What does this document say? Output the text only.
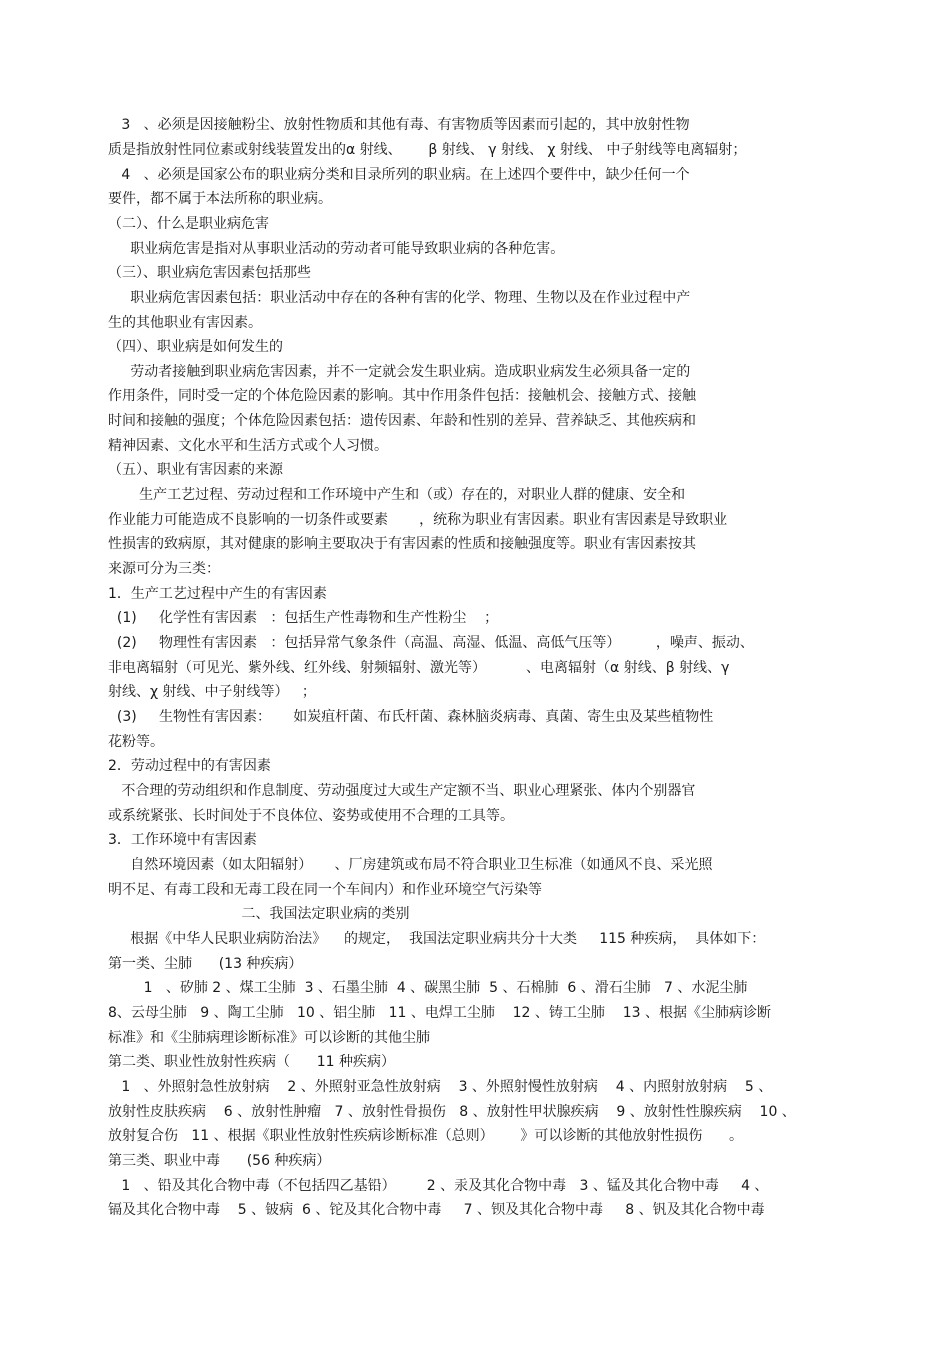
3   、必须是因接触粉尘、放射性物质和其他有毒、有害物质等因素而引起的，其中放射性物
质是指放射性同位素或射线装置发出的α 射线、      β 射线、 γ 射线、 χ 射线、 中子射线等电离辐射；
4   、必须是国家公布的职业病分类和目录所列的职业病。在上述四个要件中，缺少任何一个
要件，都不属于本法所称的职业病。
（二）、什么是职业病危害
职业病危害是指对从事职业活动的劳动者可能导致职业病的各种危害。
（三）、职业病危害因素包括那些
职业病危害因素包括：职业活动中存在的各种有害的化学、物理、生物以及在作业过程中产
生的其他职业有害因素。
（四）、职业病是如何发生的
劳动者接触到职业病危害因素，并不一定就会发生职业病。造成职业病发生必须具备一定的
作用条件，同时受一定的个体危险因素的影响。其中作用条件包括：接触机会、接触方式、接触
时间和接触的强度；个体危险因素包括：遗传因素、年龄和性别的差异、营养缺乏、其他疾病和
精神因素、文化水平和生活方式或个人习惯。
（五）、职业有害因素的来源
生产工艺过程、劳动过程和工作环境中产生和（或）存在的，对职业人群的健康、安全和
作业能力可能造成不良影响的一切条件或要素       ，统称为职业有害因素。职业有害因素是导致职业
性损害的致病原，其对健康的影响主要取决于有害因素的性质和接触强度等。职业有害因素按其
来源可分为三类：
1．生产工艺过程中产生的有害因素
(1)     化学性有害因素   ：包括生产性毒物和生产性粉尘    ；
(2)     物理性有害因素   ：包括异常气象条件（高温、高湿、低温、高低气压等）        ，噪声、振动、
非电离辐射（可见光、紫外线、红外线、射频辐射、激光等）         、电离辐射（α 射线、β 射线、γ
射线、χ 射线、中子射线等）   ；
(3)     生物性有害因素：     如炭疽杆菌、布氏杆菌、森林脑炎病毒、真菌、寄生虫及某些植物性
花粉等。
2．劳动过程中的有害因素
不合理的劳动组织和作息制度、劳动强度过大或生产定额不当、职业心理紧张、体内个别器官
或系统紧张、长时间处于不良体位、姿势或使用不合理的工具等。
3．工作环境中有害因素
自然环境因素（如太阳辐射）     、厂房建筑或布局不符合职业卫生标准（如通风不良、采光照
明不足、有毒工段和无毒工段在同一个车间内）和作业环境空气污染等
二、我国法定职业病的类别
根据《中华人民职业病防治法》    的规定，  我国法定职业病共分十大类     115 种疾病，  具体如下：
第一类、尘肺      (13 种疾病）
1   、矽肺 2 、煤工尘肺  3 、石墨尘肺  4 、碳黑尘肺  5 、石棉肺  6 、滑石尘肺   7 、水泥尘肺
8、云母尘肺   9 、陶工尘肺   10 、铝尘肺   11 、电焊工尘肺    12 、铸工尘肺    13 、根据《尘肺病诊断
标准》和《尘肺病理诊断标准》可以诊断的其他尘肺
第二类、职业性放射性疾病（      11 种疾病）
1   、外照射急性放射病    2 、外照射亚急性放射病    3 、外照射慢性放射病    4 、内照射放射病    5 、
放射性皮肤疾病    6 、放射性肿瘤   7 、放射性骨损伤   8 、放射性甲状腺疾病    9 、放射性性腺疾病    10 、
放射复合伤   11 、根据《职业性放射性疾病诊断标准（总则）      》可以诊断的其他放射性损伤      。
第三类、职业中毒      (56 种疾病）
1   、铅及其化合物中毒（不包括四乙基铅）       2 、汞及其化合物中毒   3 、锰及其化合物中毒     4 、
镉及其化合物中毒    5 、铍病  6 、铊及其化合物中毒     7 、钡及其化合物中毒     8 、钒及其化合物中毒
